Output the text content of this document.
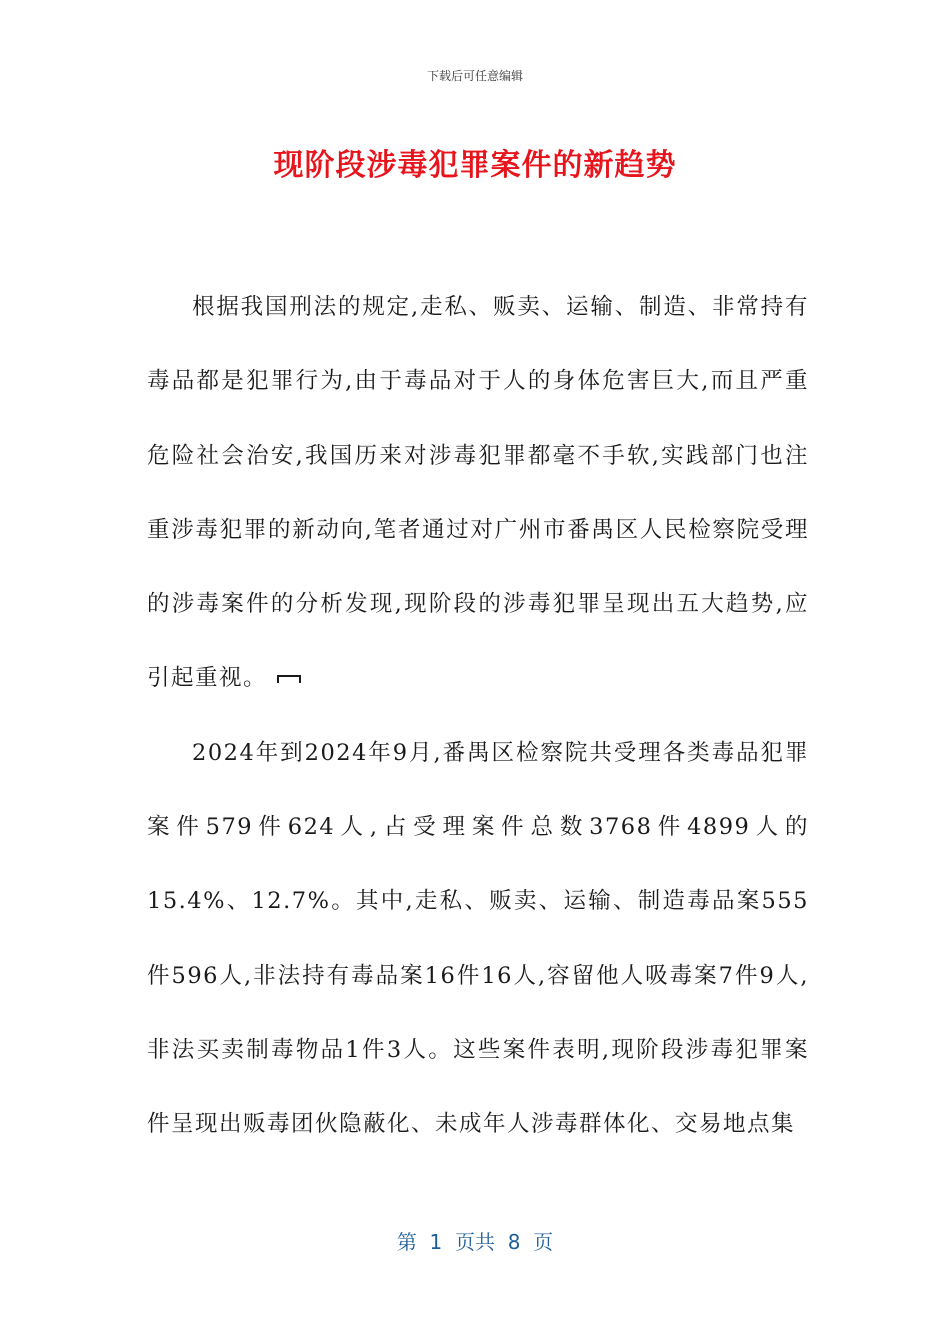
下载后可任意编辑
现阶段涉毒犯罪案件的新趋势

根据我国刑法的规定,走私、贩卖、运输、制造、非常持有毒品都是犯罪行为,由于毒品对于人的身体危害巨大,而且严重危险社会治安,我国历来对涉毒犯罪都毫不手软,实践部门也注重涉毒犯罪的新动向,笔者通过对广州市番禺区人民检察院受理的涉毒案件的分析发现,现阶段的涉毒犯罪呈现出五大趋势,应引起重视。

2024年到2024年9月,番禺区检察院共受理各类毒品犯罪案件579件624人,占受理案件总数3768件4899人的15.4%、12.7%。其中,走私、贩卖、运输、制造毒品案555件596人,非法持有毒品案16件16人,容留他人吸毒案7件9人,非法买卖制毒物品1件3人。这些案件表明,现阶段涉毒犯罪案件呈现出贩毒团伙隐蔽化、未成年人涉毒群体化、交易地点集

第  1  页共  8  页
